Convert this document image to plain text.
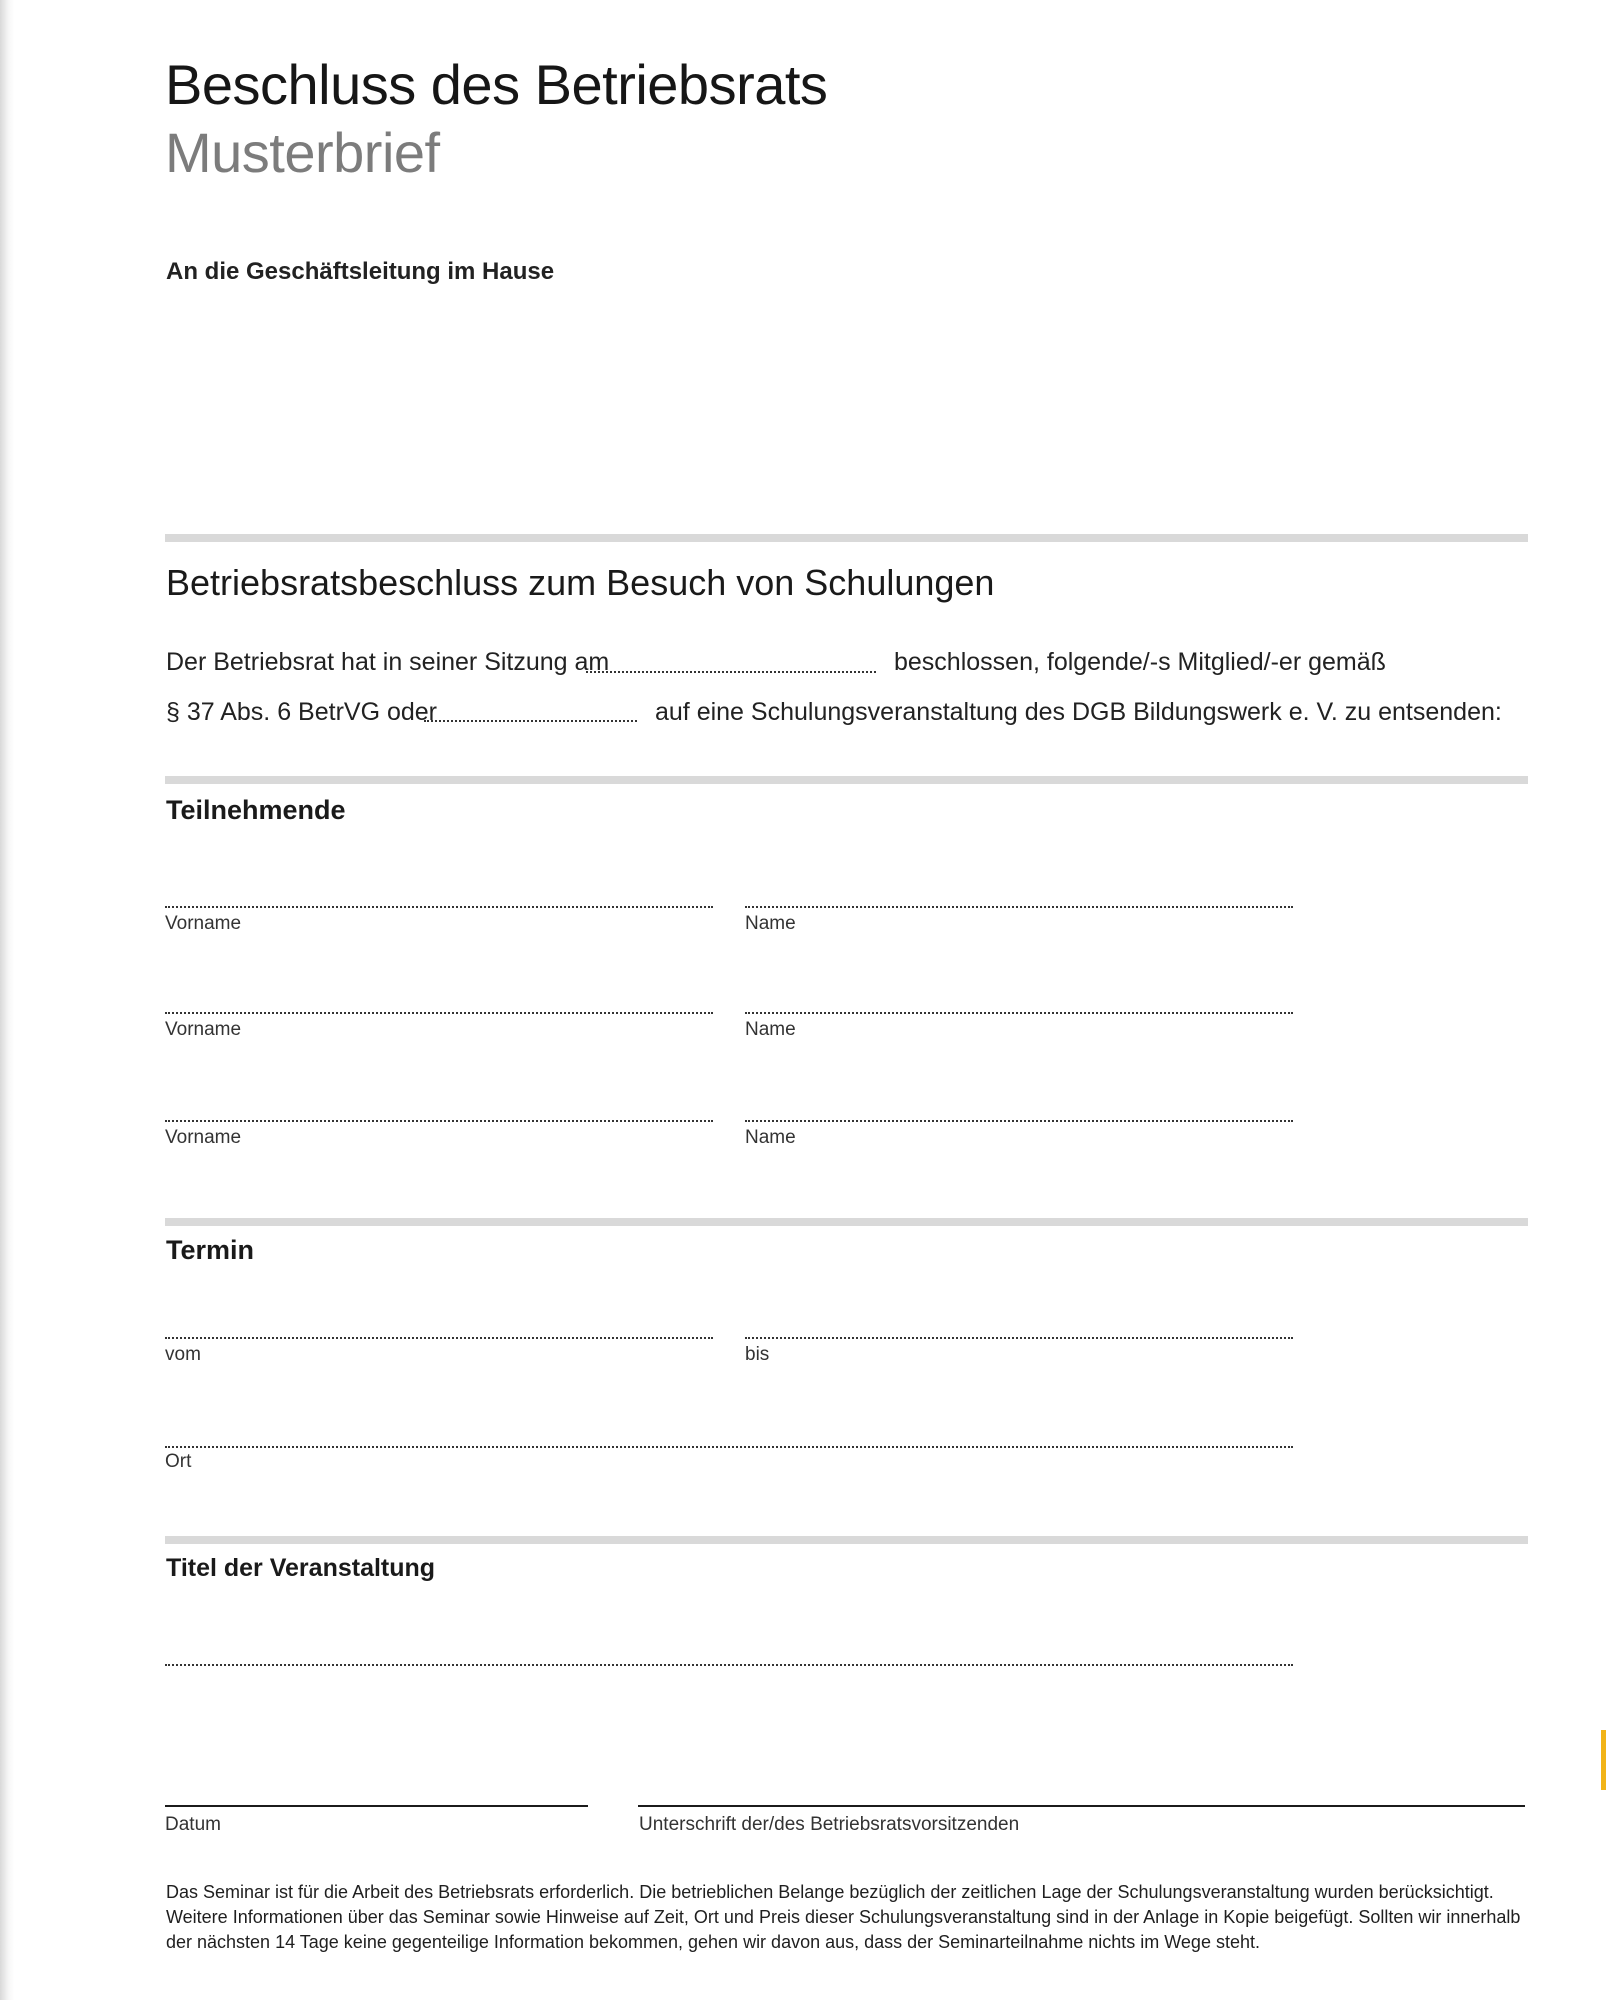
Beschluss des Betriebsrats
Musterbrief
An die Geschäftsleitung im Hause
Betriebsratsbeschluss zum Besuch von Schulungen
Der Betriebsrat hat in seiner Sitzung am	beschlossen, folgende/-s Mitglied/-er gemäß
§ 37 Abs. 6 BetrVG oder	auf eine Schulungsveranstaltung des DGB Bildungswerk e. V. zu entsenden:
Teilnehmende
Vorname	Name
Vorname	Name
Vorname	Name
Termin
vom	bis
Ort
Titel der Veranstaltung
Datum	Unterschrift der/des Betriebsratsvorsitzenden
Das Seminar ist für die Arbeit des Betriebsrats erforderlich. Die betrieblichen Belange bezüglich der zeitlichen Lage der Schulungsveranstaltung wurden berücksichtigt. Weitere Informationen über das Seminar sowie Hinweise auf Zeit, Ort und Preis dieser Schulungsveranstaltung sind in der Anlage in Kopie beigefügt. Sollten wir innerhalb der nächsten 14 Tage keine gegenteilige Information bekommen, gehen wir davon aus, dass der Seminarteilnahme nichts im Wege steht.
